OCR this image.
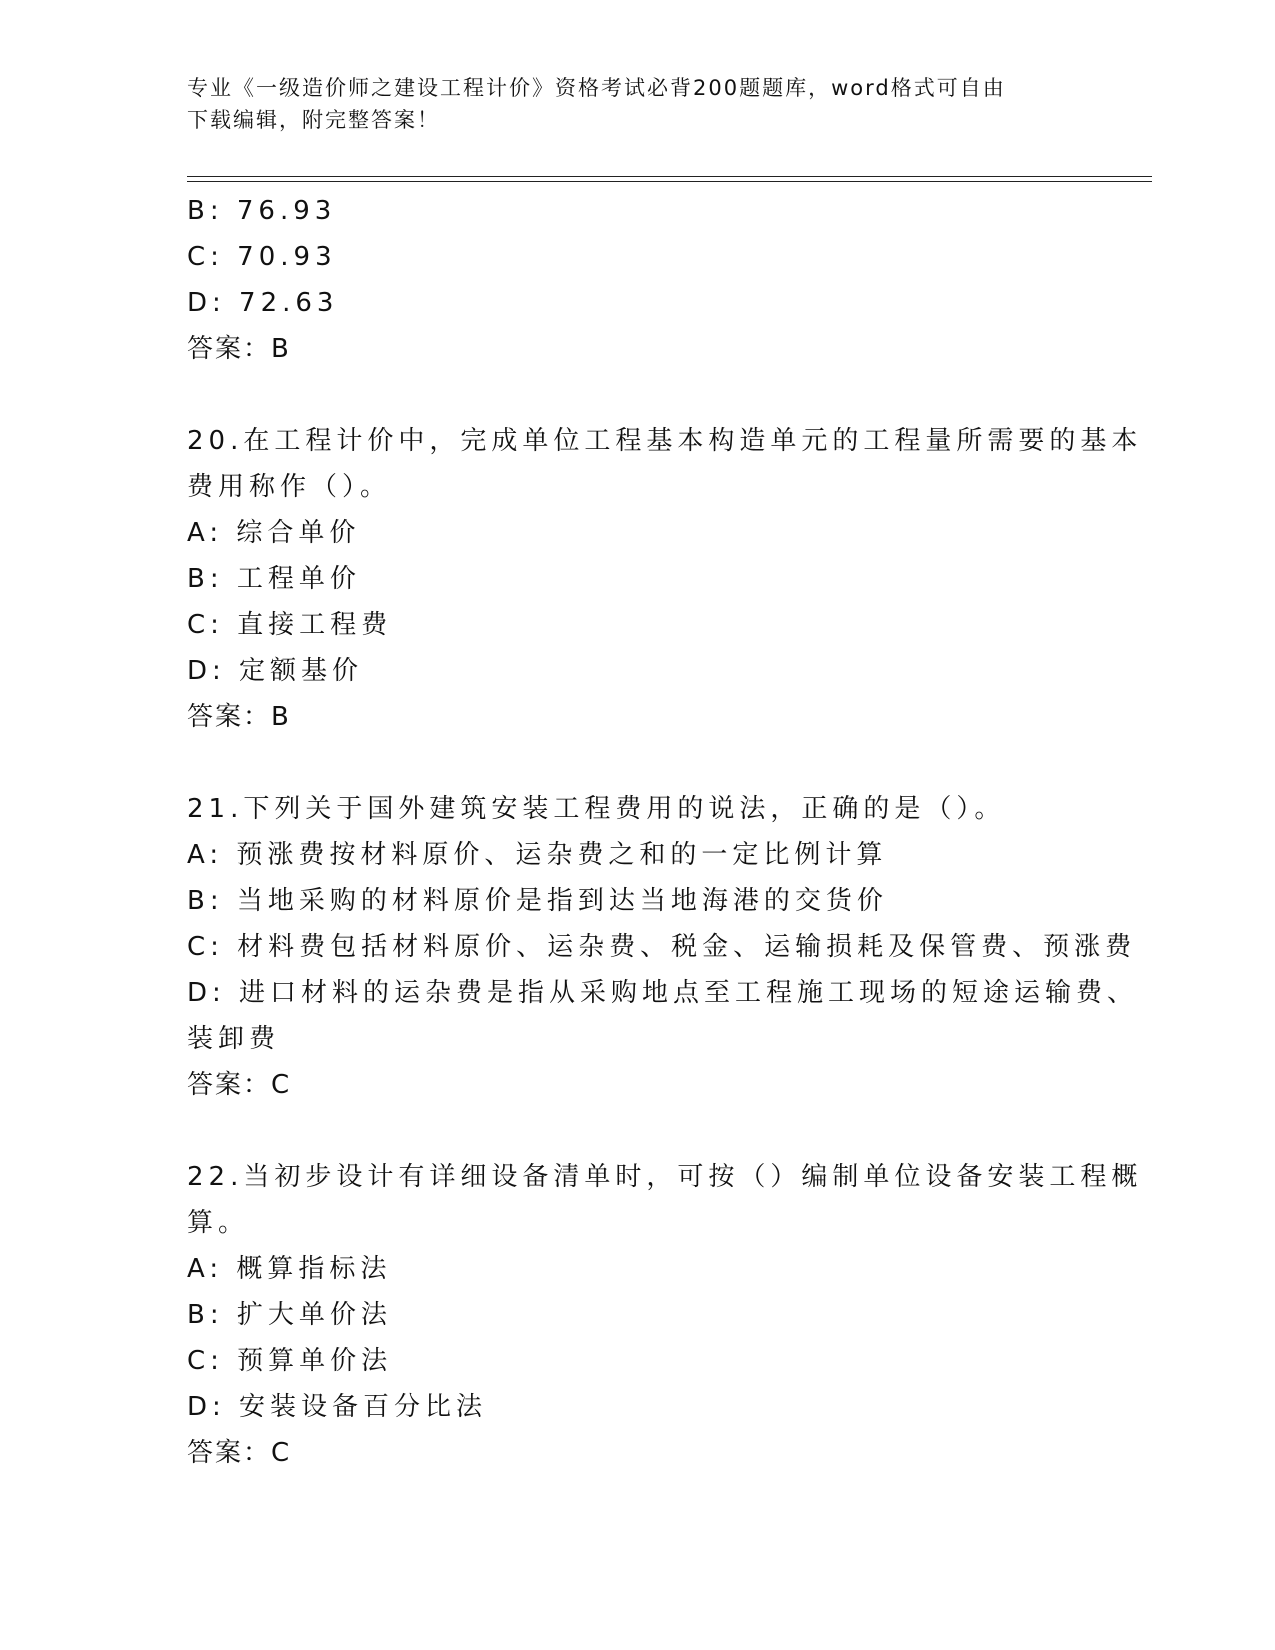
专业《一级造价师之建设工程计价》资格考试必背200题题库，word格式可自由
下载编辑，附完整答案！
B: 76.93
C: 70.93
D: 72.63
答案：B
20.在工程计价中，完成单位工程基本构造单元的工程量所需要的基本
费用称作（）。
A: 综合单价
B: 工程单价
C: 直接工程费
D: 定额基价
答案：B
21.下列关于国外建筑安装工程费用的说法，正确的是（）。
A: 预涨费按材料原价、运杂费之和的一定比例计算
B: 当地采购的材料原价是指到达当地海港的交货价
C: 材料费包括材料原价、运杂费、税金、运输损耗及保管费、预涨费
D: 进口材料的运杂费是指从采购地点至工程施工现场的短途运输费、
装卸费
答案：C
22.当初步设计有详细设备清单时，可按（）编制单位设备安装工程概
算。
A: 概算指标法
B: 扩大单价法
C: 预算单价法
D: 安装设备百分比法
答案：C
